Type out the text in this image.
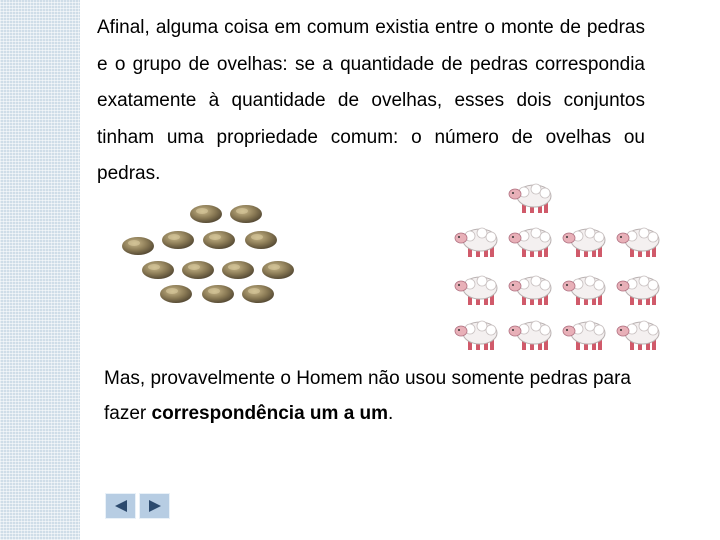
Afinal, alguma coisa em comum existia entre o monte de pedras e o grupo de ovelhas: se a quantidade de pedras correspondia exatamente à quantidade de ovelhas, esses dois conjuntos tinham uma propriedade comum: o número de ovelhas ou pedras.

Mas, provavelmente o Homem não usou somente pedras para fazer correspondência um a um.
